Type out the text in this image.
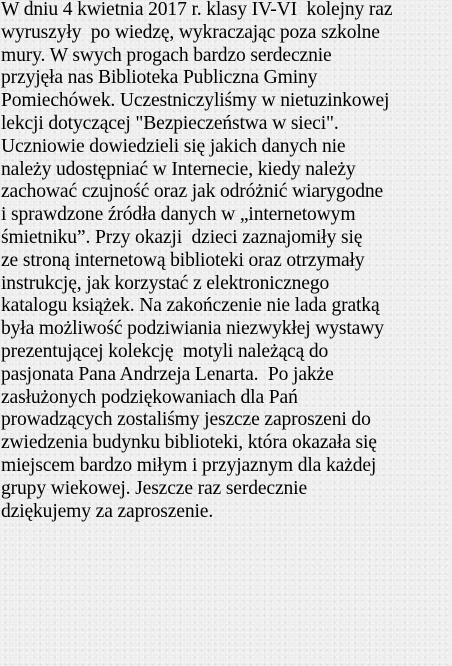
W dniu 4 kwietnia 2017 r. klasy IV-VI  kolejny raz
wyruszyły  po wiedzę, wykraczając poza szkolne
mury. W swych progach bardzo serdecznie
przyjęła nas Biblioteka Publiczna Gminy
Pomiechówek. Uczestniczyliśmy w nietuzinkowej
lekcji dotyczącej "Bezpieczeństwa w sieci".
Uczniowie dowiedzieli się jakich danych nie
należy udostępniać w Internecie, kiedy należy
zachować czujność oraz jak odróżnić wiarygodne
i sprawdzone źródła danych w „internetowym
śmietniku”. Przy okazji  dzieci zaznajomiły się
ze stroną internetową biblioteki oraz otrzymały
instrukcję, jak korzystać z elektronicznego
katalogu książek. Na zakończenie nie lada gratką
była możliwość podziwiania niezwykłej wystawy
prezentującej kolekcję  motyli należącą do
pasjonata Pana Andrzeja Lenarta.  Po jakże
zasłużonych podziękowaniach dla Pań
prowadzących zostaliśmy jeszcze zaproszeni do
zwiedzenia budynku biblioteki, która okazała się
miejscem bardzo miłym i przyjaznym dla każdej
grupy wiekowej. Jeszcze raz serdecznie
dziękujemy za zaproszenie.
